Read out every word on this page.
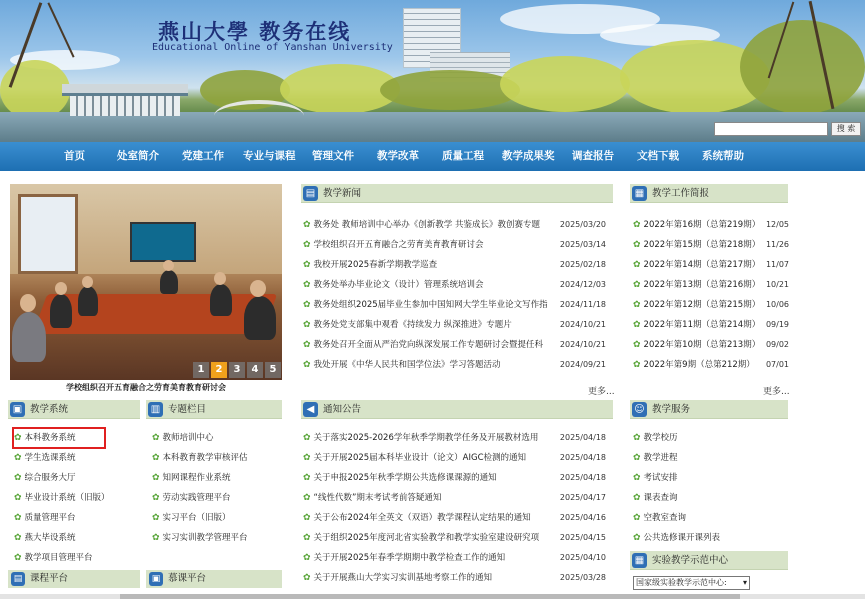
燕山大學 教务在线
Educational Online of Yanshan University
搜 索
首页	处室简介 党建工作 专业与课程 管理文件 教学改革 质量工程 教学成果奖 调查报告 文档下载 系统帮助
1	2	3	4	5
学校组织召开五育融合之劳育美育教育研讨会
▤ 教学新闻
✿ 教务处 教师培训中心举办《创新教学 共鉴成长》教创赛专题	2025/03/20
✿ 学校组织召开五育融合之劳育美育教育研讨会	2025/03/14
✿ 我校开展2025春新学期教学巡查	2025/02/18
✿ 教务处举办毕业论文（设计）管理系统培训会	2024/12/03
✿ 教务处组织2025届毕业生参加中国知网大学生毕业论文写作指	2024/11/18
✿ 教务处党支部集中观看《持续发力 纵深推进》专题片	2024/10/21
✿ 教务处召开全面从严治党向纵深发展工作专题研讨会暨提任科	2024/10/21
✿ 我处开展《中华人民共和国学位法》学习答题活动	2024/09/21
更多...
▦ 教学工作简报
✿ 2022年第16期（总第219期） 12/05
✿ 2022年第15期（总第218期） 11/26
✿ 2022年第14期（总第217期） 11/07
✿ 2022年第13期（总第216期） 10/21
✿ 2022年第12期（总第215期） 10/06
✿ 2022年第11期（总第214期） 09/19
✿ 2022年第10期（总第213期） 09/02
✿ 2022年第9期（总第212期）	07/01
更多...
▣ 教学系统
✿ 本科教务系统
✿ 学生选课系统
✿ 综合服务大厅
✿ 毕业设计系统（旧版）
✿ 质量管理平台
✿ 燕大毕设系统
✿ 教学项目管理平台
▥ 专题栏目
✿ 教师培训中心
✿ 本科教育教学审核评估
✿ 知网课程作业系统
✿ 劳动实践管理平台
✿ 实习平台（旧版）
✿ 实习实训教学管理平台
▤ 课程平台	▣ 慕课平台
◀ 通知公告
✿ 关于落实2025-2026学年秋季学期教学任务及开展教材选用	2025/04/18
✿ 关于开展2025届本科毕业设计（论文）AIGC检测的通知	2025/04/18
✿ 关于申报2025年秋季学期公共选修课课源的通知	2025/04/18
✿ “线性代数”期末考试考前答疑通知	2025/04/17
✿ 关于公布2024年全英文（双语）教学课程认定结果的通知	2025/04/16
✿ 关于组织2025年度河北省实验教学和教学实验室建设研究项	2025/04/15
✿ 关于开展2025年春季学期期中教学检查工作的通知	2025/04/10
✿ 关于开展燕山大学实习实训基地考察工作的通知	2025/03/28
☺ 教学服务
✿ 教学校历
✿ 教学进程
✿ 考试安排
✿ 课表查询
✿ 空教室查询
✿ 公共选修课开课列表
▦ 实验教学示范中心
国家级实验教学示范中心: ▾
